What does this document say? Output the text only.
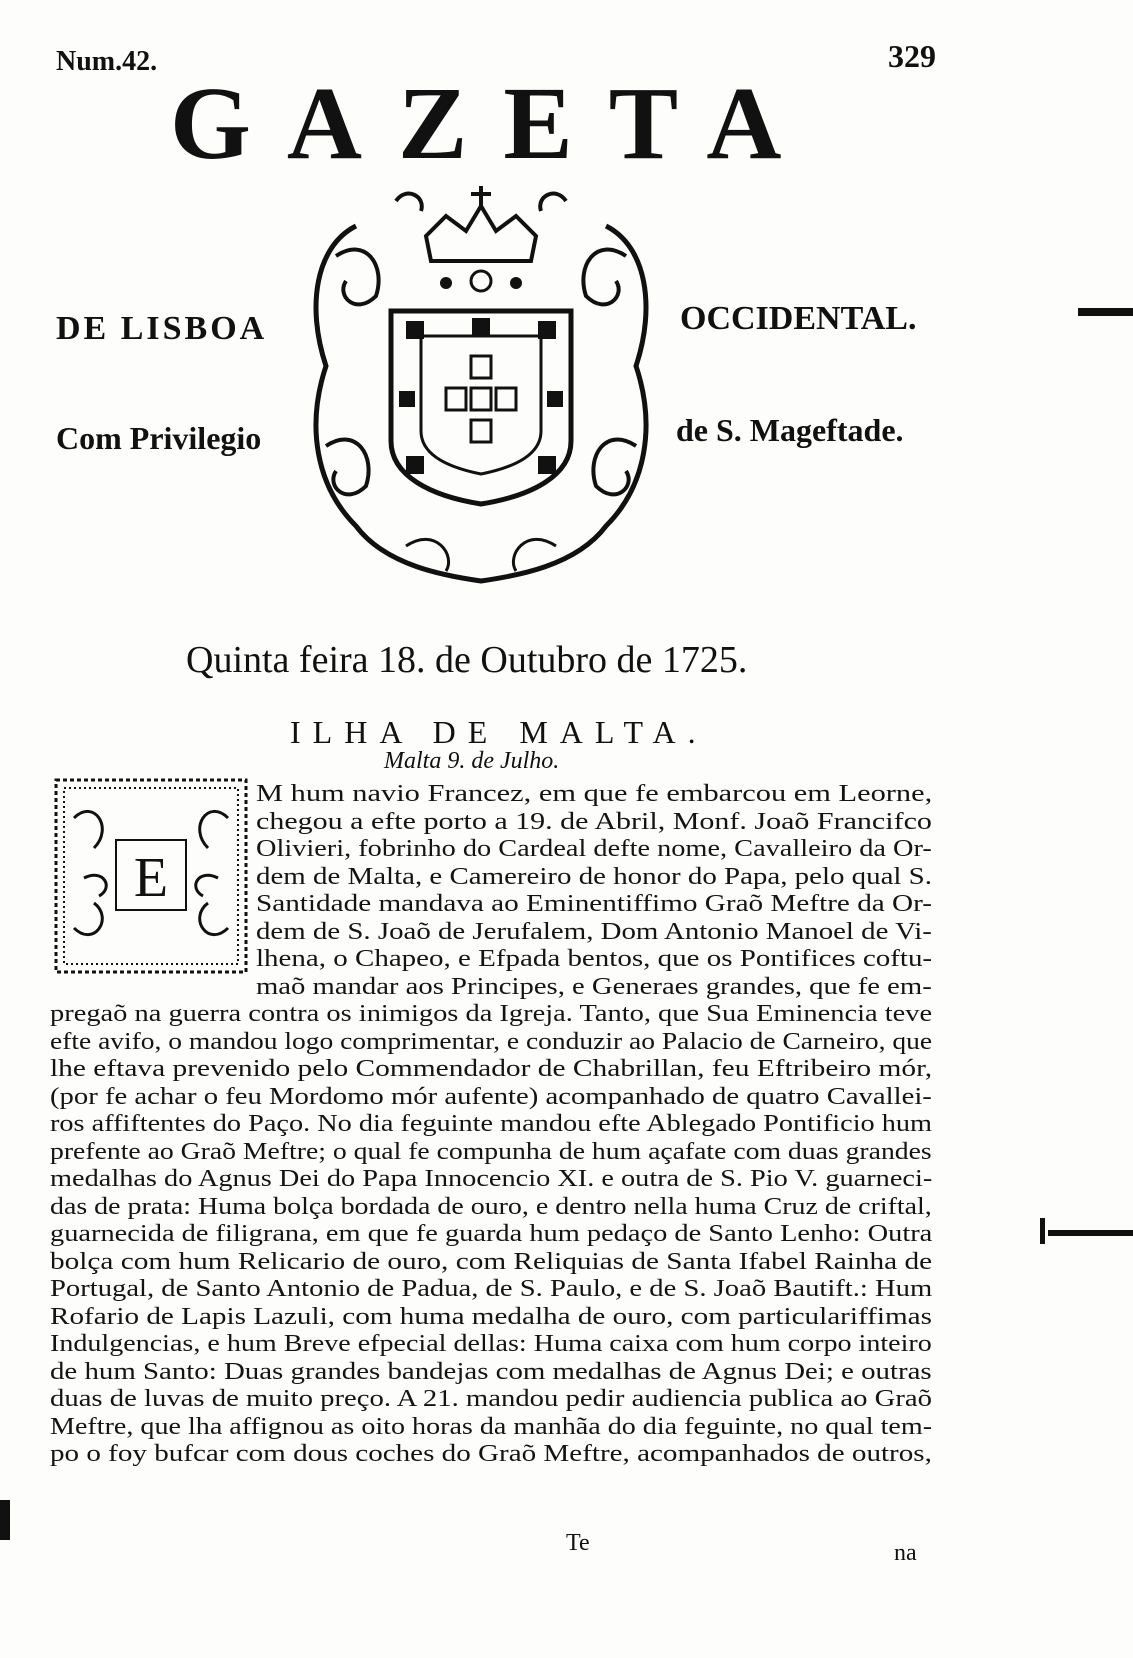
Num.42.	329
GAZETA
DE LISBOA	OCCIDENTAL.
Com Privilegio	de S. Mageftade.
Quinta feira 18. de Outubro de 1725.
ILHA DE MALTA.
Malta 9. de Julho.
E
M hum navio Francez, em que fe embarcou em Leorne,
chegou a efte porto a 19. de Abril, Monf. Joaõ Francifco
Olivieri, fobrinho do Cardeal defte nome, Cavalleiro da Or-
dem de Malta, e Camereiro de honor do Papa, pelo qual S.
Santidade mandava ao Eminentiffimo Graõ Meftre da Or-
dem de S. Joaõ de Jerufalem, Dom Antonio Manoel de Vi-
lhena, o Chapeo, e Efpada bentos, que os Pontifices coftu-
maõ mandar aos Principes, e Generaes grandes, que fe em-
pregaõ na guerra contra os inimigos da Igreja. Tanto, que Sua Eminencia teve
efte avifo, o mandou logo comprimentar, e conduzir ao Palacio de Carneiro, que
lhe eftava prevenido pelo Commendador de Chabrillan, feu Eftribeiro mór,
(por fe achar o feu Mordomo mór aufente) acompanhado de quatro Cavallei-
ros affiftentes do Paço. No dia feguinte mandou efte Ablegado Pontificio hum
prefente ao Graõ Meftre; o qual fe compunha de hum açafate com duas grandes
medalhas do Agnus Dei do Papa Innocencio XI. e outra de S. Pio V. guarneci-
das de prata: Huma bolça bordada de ouro, e dentro nella huma Cruz de criftal,
guarnecida de filigrana, em que fe guarda hum pedaço de Santo Lenho: Outra
bolça com hum Relicario de ouro, com Reliquias de Santa Ifabel Rainha de
Portugal, de Santo Antonio de Padua, de S. Paulo, e de S. Joaõ Bautift.: Hum
Rofario de Lapis Lazuli, com huma medalha de ouro, com particulariffimas
Indulgencias, e hum Breve efpecial dellas: Huma caixa com hum corpo inteiro
de hum Santo: Duas grandes bandejas com medalhas de Agnus Dei; e outras
duas de luvas de muito preço. A 21. mandou pedir audiencia publica ao Graõ
Meftre, que lha affignou as oito horas da manhãa do dia feguinte, no qual tem-
po o foy bufcar com dous coches do Graõ Meftre, acompanhados de outros,
Te	na
